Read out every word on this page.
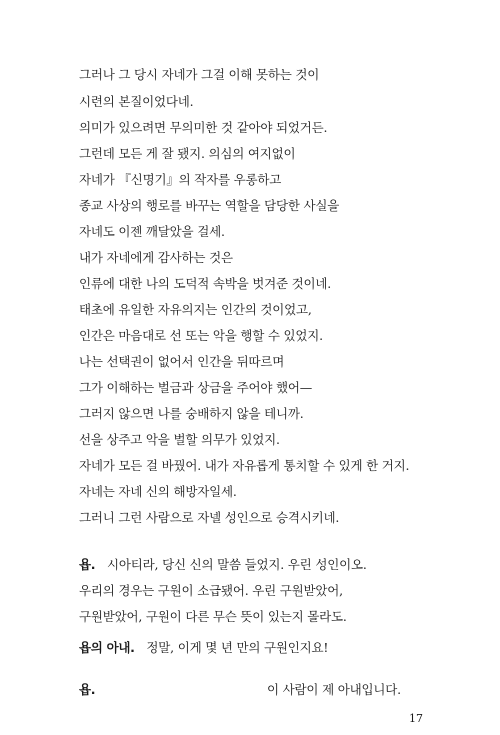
그러나 그 당시 자네가 그걸 이해 못하는 것이
시련의 본질이었다네.
의미가 있으려면 무의미한 것 같아야 되었거든.
그런데 모든 게 잘 됐지. 의심의 여지없이
자네가 『신명기』의 작자를 우롱하고
종교 사상의 행로를 바꾸는 역할을 담당한 사실을
자네도 이젠 깨달았을 걸세.
내가 자네에게 감사하는 것은
인류에 대한 나의 도덕적 속박을 벗겨준 것이네.
태초에 유일한 자유의지는 인간의 것이었고,
인간은 마음대로 선 또는 악을 행할 수 있었지.
나는 선택권이 없어서 인간을 뒤따르며
그가 이해하는 벌금과 상금을 주어야 했어—
그러지 않으면 나를 숭배하지 않을 테니까.
선을 상주고 악을 벌할 의무가 있었지.
자네가 모든 걸 바꿨어. 내가 자유롭게 통치할 수 있게 한 거지.
자네는 자네 신의 해방자일세.
그러니 그런 사람으로 자넬 성인으로 승격시키네.
욥. 시아티라, 당신 신의 말씀 들었지. 우린 성인이오.
우리의 경우는 구원이 소급됐어. 우린 구원받았어,
구원받았어, 구원이 다른 무슨 뜻이 있는지 몰라도.
욥의 아내. 정말, 이게 몇 년 만의 구원인지요!
욥.	이 사람이 제 아내입니다.
17
